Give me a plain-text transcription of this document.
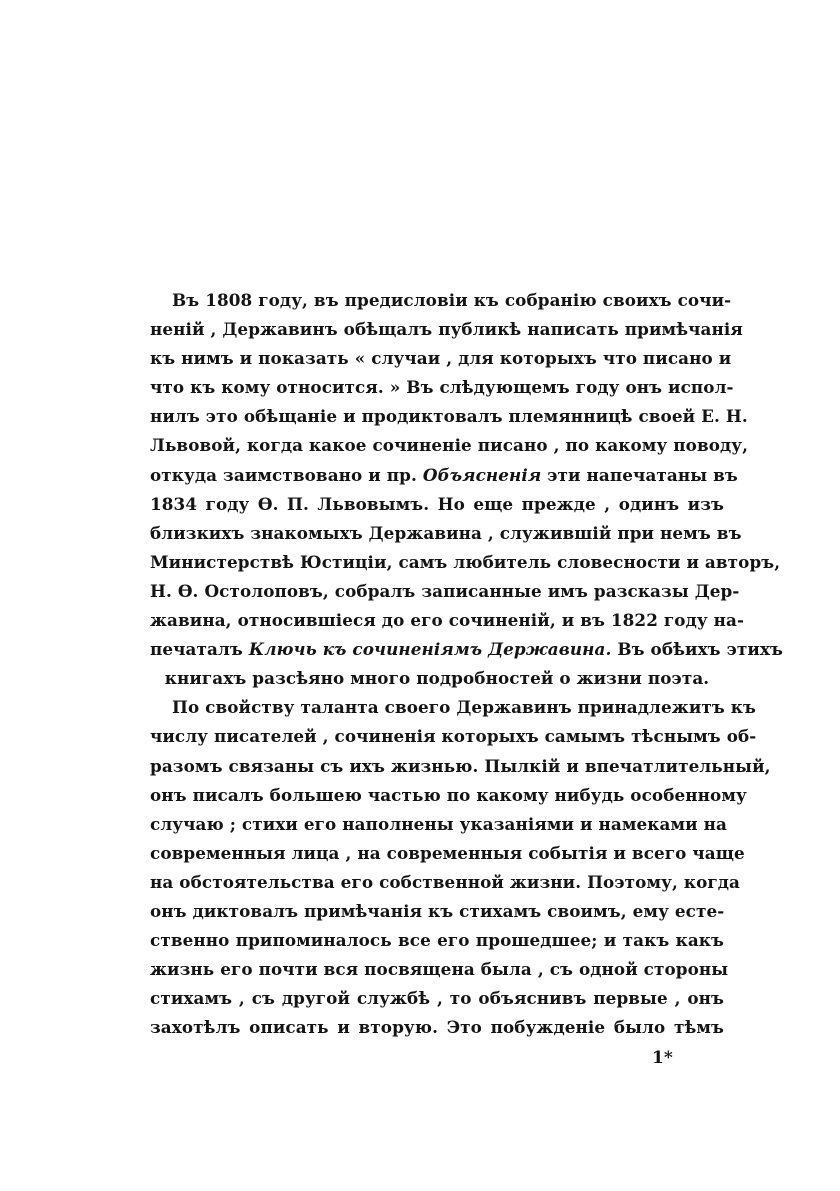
Въ 1808 году, въ предисловіи къ собранію своихъ сочи-
неній , Державинъ обѣщалъ публикѣ написать примѣчанія
къ нимъ и показать « случаи , для которыхъ что писано и
что къ кому относится. » Въ слѣдующемъ году онъ испол-
нилъ это обѣщаніе и продиктовалъ племянницѣ своей Е. Н.
Львовой, когда какое сочиненіе писано , по какому поводу,
откуда заимствовано и пр. Объясненія эти напечатаны въ
1834 году Ѳ. П. Львовымъ. Но еще прежде , одинъ изъ
близкихъ знакомыхъ Державина , служившій при немъ въ
Министерствѣ Юстиціи, самъ любитель словесности и авторъ,
Н. Ѳ. Остолоповъ, собралъ записанные имъ разсказы Дер-
жавина, относившіеся до его сочиненій, и въ 1822 году на-
печаталъ Ключь къ сочиненіямъ Державина. Въ обѣихъ этихъ
книгахъ разсѣяно много подробностей о жизни поэта.
По свойству таланта своего Державинъ принадлежитъ къ
числу писателей , сочиненія которыхъ самымъ тѣснымъ об-
разомъ связаны съ ихъ жизнью. Пылкій и впечатлительный,
онъ писалъ большею частью по какому нибудь особенному
случаю ; стихи его наполнены указаніями и намеками на
современныя лица , на современныя событія и всего чаще
на обстоятельства его собственной жизни. Поэтому, когда
онъ диктовалъ примѣчанія къ стихамъ своимъ, ему есте-
ственно припоминалось все его прошедшее; и такъ какъ
жизнь его почти вся посвящена была , съ одной стороны
стихамъ , съ другой службѣ , то объяснивъ первые , онъ
захотѣлъ описать и вторую. Это побужденіе было тѣмъ
1*
